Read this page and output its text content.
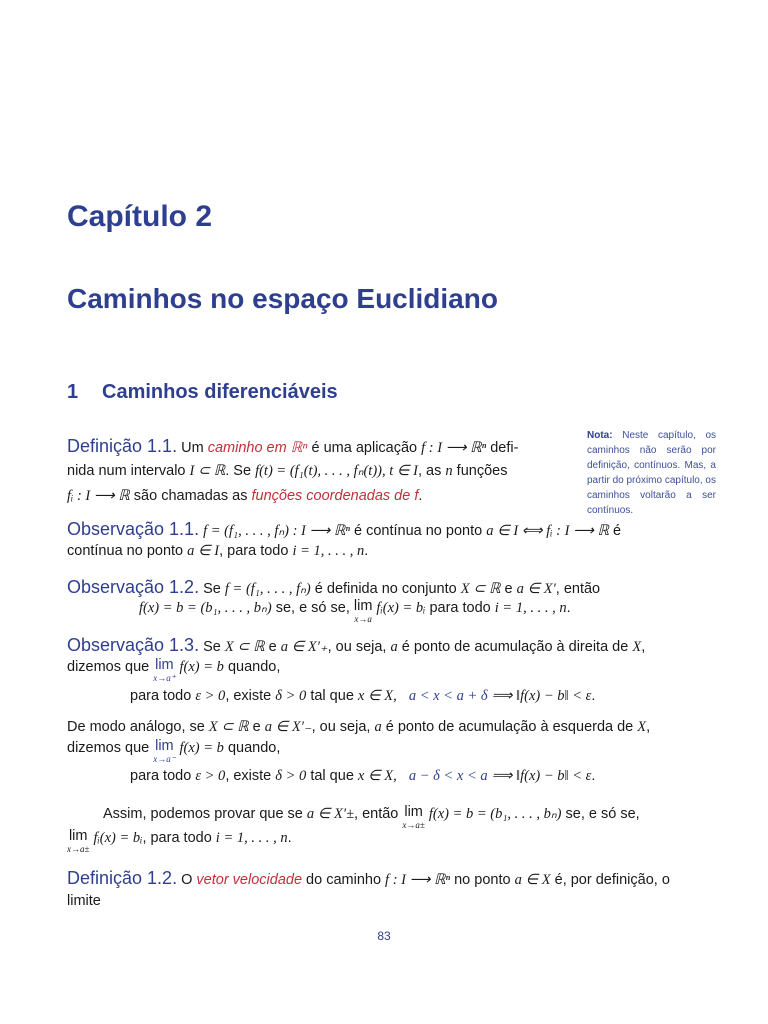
Capítulo 2
Caminhos no espaço Euclidiano
1 Caminhos diferenciáveis
Nota: Neste capítulo, os caminhos não serão por definição, contínuos. Mas, a partir do próximo capítulo, os caminhos voltarão a ser contínuos.
Definição 1.1. Um caminho em ℝⁿ é uma aplicação f : I ⟶ ℝⁿ defi-
nida num intervalo I ⊂ ℝ. Se f(t) = (f₁(t), . . . , fₙ(t)), t ∈ I, as n funções
fᵢ : I ⟶ ℝ são chamadas as funções coordenadas de f.
Observação 1.1. f = (f₁, . . . , fₙ) : I ⟶ ℝⁿ é contínua no ponto a ∈ I ⟺ fᵢ : I ⟶ ℝ é
contínua no ponto a ∈ I, para todo i = 1, . . . , n.
Observação 1.2. Se f = (f₁, . . . , fₙ) é definida no conjunto X ⊂ ℝ e a ∈ X′, então
f(x) = b = (b₁, . . . , bₙ) se, e só se, lim
x→a
fᵢ(x) = bᵢ para todo i = 1, . . . , n.
Observação 1.3. Se X ⊂ ℝ e a ∈ X′₊, ou seja, a é ponto de acumulação à direita de X,
dizemos que lim
x→a⁺
f(x) = b quando,
para todo ε > 0, existe δ > 0 tal que x ∈ X, a < x < a + δ ⟹ ‖f(x) − b‖ < ε.
De modo análogo, se X ⊂ ℝ e a ∈ X′₋, ou seja, a é ponto de acumulação à esquerda de X,
dizemos que lim
x→a⁻
f(x) = b quando,
para todo ε > 0, existe δ > 0 tal que x ∈ X, a − δ < x < a ⟹ ‖f(x) − b‖ < ε.
Assim, podemos provar que se a ∈ X′±, então lim
x→a±
f(x) = b = (b₁, . . . , bₙ) se, e só se,
lim
x→a±
fᵢ(x) = bᵢ, para todo i = 1, . . . , n.
Definição 1.2. O vetor velocidade do caminho f : I ⟶ ℝⁿ no ponto a ∈ X é, por definição, o
limite
83
